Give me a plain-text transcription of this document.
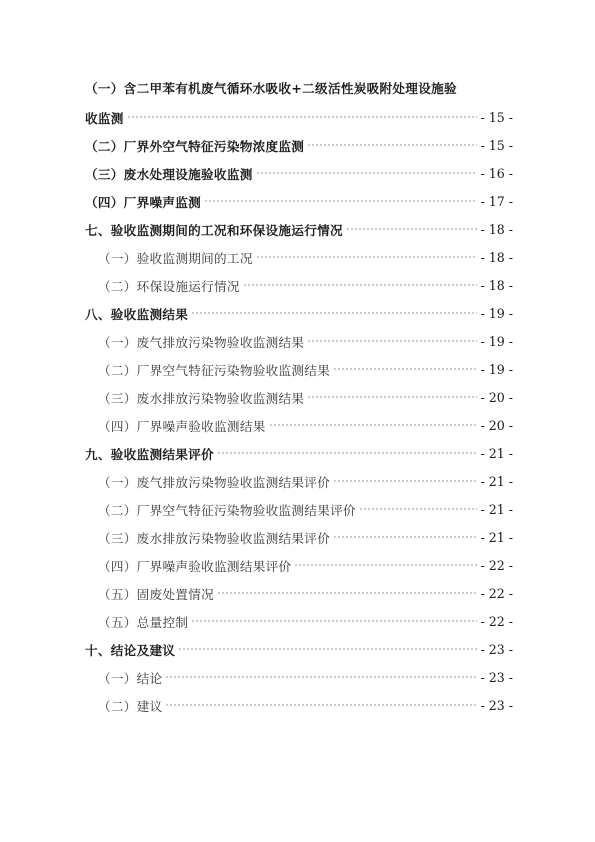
（一）含二甲苯有机废气循环水吸收+二级活性炭吸附处理设施验
收监测	- 15 -
（二）厂界外空气特征污染物浓度监测	- 15 -
（三）废水处理设施验收监测	- 16 -
（四）厂界噪声监测	- 17 -
七、验收监测期间的工况和环保设施运行情况	- 18 -
（一）验收监测期间的工况	- 18 -
（二）环保设施运行情况	- 18 -
八、验收监测结果	- 19 -
（一）废气排放污染物验收监测结果	- 19 -
（二）厂界空气特征污染物验收监测结果	- 19 -
（三）废水排放污染物验收监测结果	- 20 -
（四）厂界噪声验收监测结果	- 20 -
九、验收监测结果评价	- 21 -
（一）废气排放污染物验收监测结果评价	- 21 -
（二）厂界空气特征污染物验收监测结果评价	- 21 -
（三）废水排放污染物验收监测结果评价	- 21 -
（四）厂界噪声验收监测结果评价	- 22 -
（五）固废处置情况	- 22 -
（五）总量控制	- 22 -
十、结论及建议	- 23 -
（一）结论	- 23 -
（二）建议	- 23 -
